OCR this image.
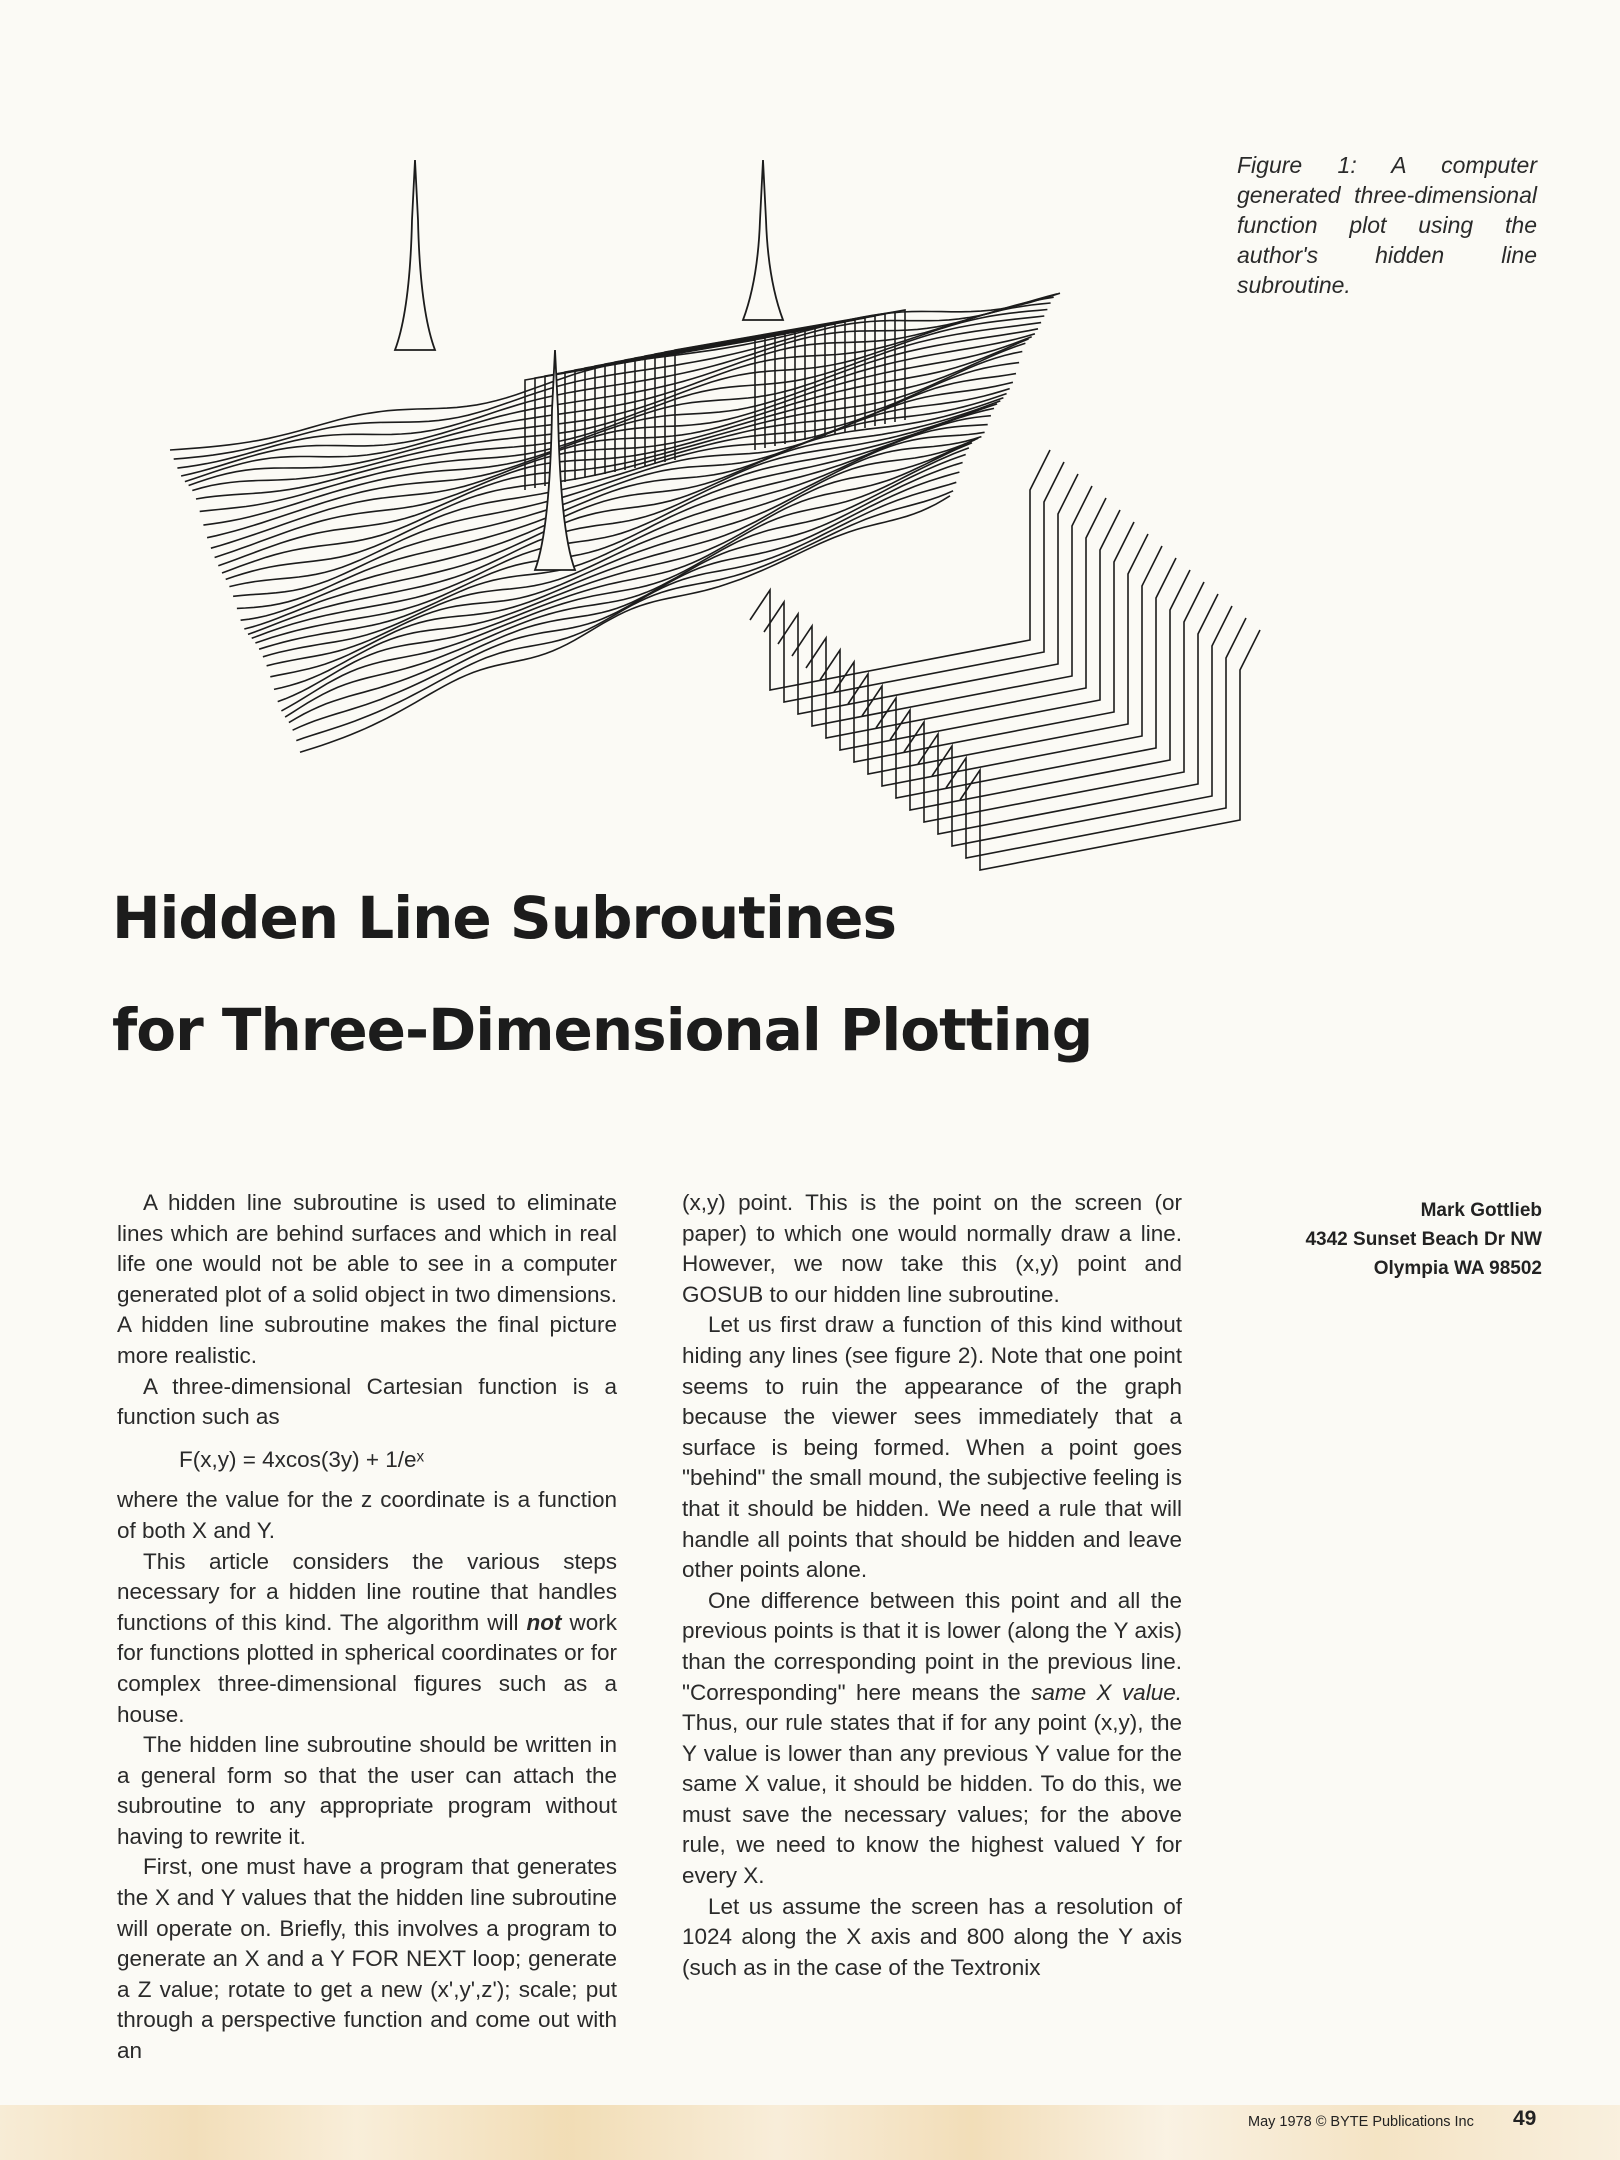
Figure 1: A computer generated three-dimensional function plot using the author's hidden line subroutine.
Hidden Line Subroutines
for Three-Dimensional Plotting
Mark Gottlieb
4342 Sunset Beach Dr NW
Olympia WA 98502

A hidden line subroutine is used to eliminate lines which are behind surfaces and which in real life one would not be able to see in a computer generated plot of a solid object in two dimensions. A hidden line subroutine makes the final picture more realistic.

A three-dimensional Cartesian function is a function such as

F(x,y) = 4xcos(3y) + 1/eˣ

where the value for the z coordinate is a function of both X and Y.

This article considers the various steps necessary for a hidden line routine that handles functions of this kind. The algorithm will not work for functions plotted in spherical coordinates or for complex three-dimensional figures such as a house.

The hidden line subroutine should be written in a general form so that the user can attach the subroutine to any appropriate program without having to rewrite it.

First, one must have a program that generates the X and Y values that the hidden line subroutine will operate on. Briefly, this involves a program to generate an X and a Y FOR NEXT loop; generate a Z value; rotate to get a new (x',y',z'); scale; put through a perspective function and come out with an

(x,y) point. This is the point on the screen (or paper) to which one would normally draw a line. However, we now take this (x,y) point and GOSUB to our hidden line subroutine.

Let us first draw a function of this kind without hiding any lines (see figure 2). Note that one point seems to ruin the appearance of the graph because the viewer sees immediately that a surface is being formed. When a point goes "behind" the small mound, the subjective feeling is that it should be hidden. We need a rule that will handle all points that should be hidden and leave other points alone.

One difference between this point and all the previous points is that it is lower (along the Y axis) than the corresponding point in the previous line. "Corresponding" here means the same X value. Thus, our rule states that if for any point (x,y), the Y value is lower than any previous Y value for the same X value, it should be hidden. To do this, we must save the necessary values; for the above rule, we need to know the highest valued Y for every X.

Let us assume the screen has a resolution of 1024 along the X axis and 800 along the Y axis (such as in the case of the Textronix

May 1978 © BYTE Publications Inc 49
